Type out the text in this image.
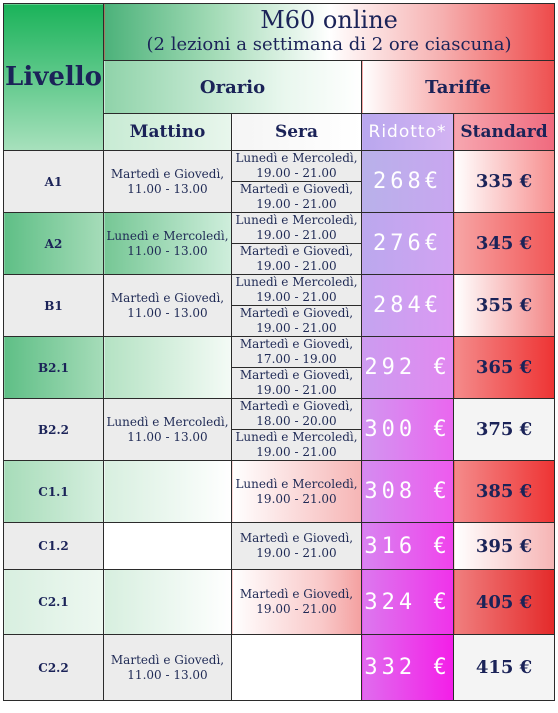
Livello	M60 online
(2 lezioni a settimana di 2 ore ciascuna)			

	Orario		Tariffe	
	Mattino	Sera	Ridotto*	Standard
A1	Martedì e Giovedì,
11.00 - 13.00	Lunedì e Mercoledì,
19.00 - 21.00	268€	335 €
		Martedì e Giovedì,
19.00 - 21.00		
A2	Lunedì e Mercoledì,
11.00 - 13.00	Lunedì e Mercoledì,
19.00 - 21.00	276€	345 €
		Martedì e Giovedì,
19.00 - 21.00		
B1	Martedì e Giovedì,
11.00 - 13.00	Lunedì e Mercoledì,
19.00 - 21.00	284€	355 €
		Martedì e Giovedì,
19.00 - 21.00		
B2.1		Martedì e Giovedì,
17.00 - 19.00	292 €	365 €
		Martedì e Giovedì,
19.00 - 21.00		
B2.2	Lunedì e Mercoledì,
11.00 - 13.00	Martedì e Giovedì,
18.00 - 20.00	300 €	375 €
		Lunedì e Mercoledì,
19.00 - 21.00		
C1.1		Lunedì e Mercoledì,
19.00 - 21.00	308 €	385 €
C1.2		Martedì e Giovedì,
19.00 - 21.00	316 €	395 €
C2.1		Martedì e Giovedì,
19.00 - 21.00	324 €	405 €
C2.2	Martedì e Giovedì,
11.00 - 13.00		332 €	415 €
